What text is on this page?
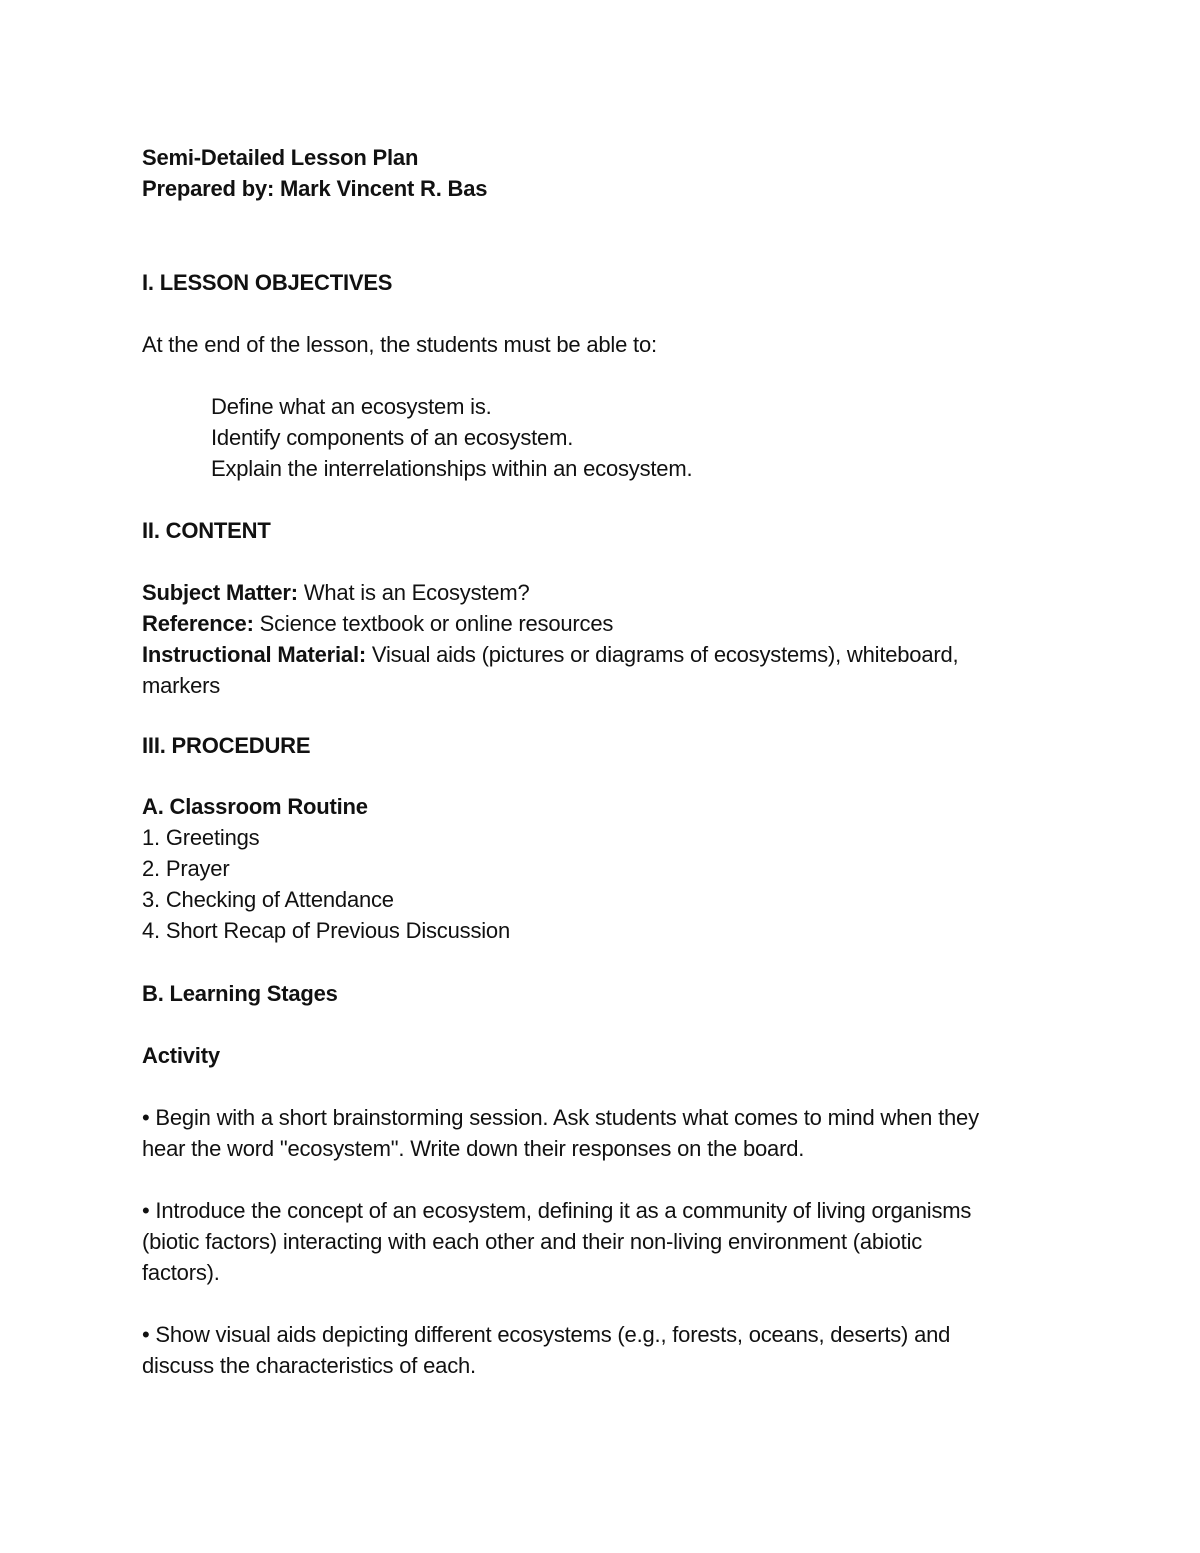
Semi-Detailed Lesson Plan
Prepared by: Mark Vincent R. Bas
I. LESSON OBJECTIVES
At the end of the lesson, the students must be able to:
Define what an ecosystem is.
Identify components of an ecosystem.
Explain the interrelationships within an ecosystem.
II. CONTENT
Subject Matter: What is an Ecosystem?
Reference: Science textbook or online resources
Instructional Material: Visual aids (pictures or diagrams of ecosystems), whiteboard,
markers
III. PROCEDURE
A. Classroom Routine
1. Greetings
2. Prayer
3. Checking of Attendance
4. Short Recap of Previous Discussion
B. Learning Stages
Activity
• Begin with a short brainstorming session. Ask students what comes to mind when they
hear the word "ecosystem". Write down their responses on the board.
• Introduce the concept of an ecosystem, defining it as a community of living organisms
(biotic factors) interacting with each other and their non-living environment (abiotic
factors).
• Show visual aids depicting different ecosystems (e.g., forests, oceans, deserts) and
discuss the characteristics of each.
